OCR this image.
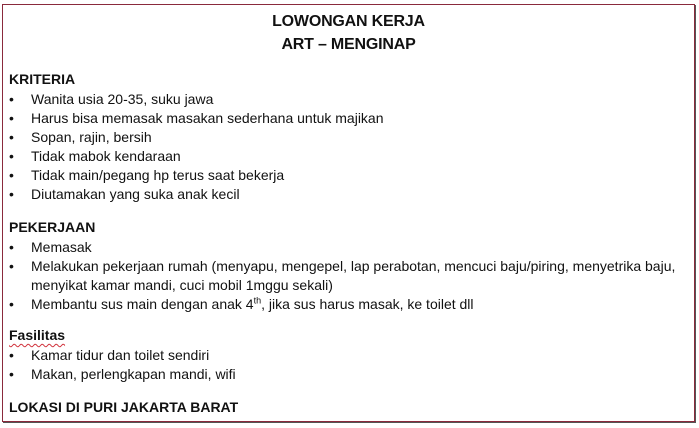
LOWONGAN KERJA
ART – MENGINAP
KRITERIA
• Wanita usia 20-35, suku jawa
• Harus bisa memasak masakan sederhana untuk majikan
• Sopan, rajin, bersih
• Tidak mabok kendaraan
• Tidak main/pegang hp terus saat bekerja
• Diutamakan yang suka anak kecil
PEKERJAAN
• Memasak
• Melakukan pekerjaan rumah (menyapu, mengepel, lap perabotan, mencuci baju/piring, menyetrika baju, menyikat kamar mandi, cuci mobil 1mggu sekali)
• Membantu sus main dengan anak 4th, jika sus harus masak, ke toilet dll
Fasilitas
• Kamar tidur dan toilet sendiri
• Makan, perlengkapan mandi, wifi
LOKASI DI PURI JAKARTA BARAT
